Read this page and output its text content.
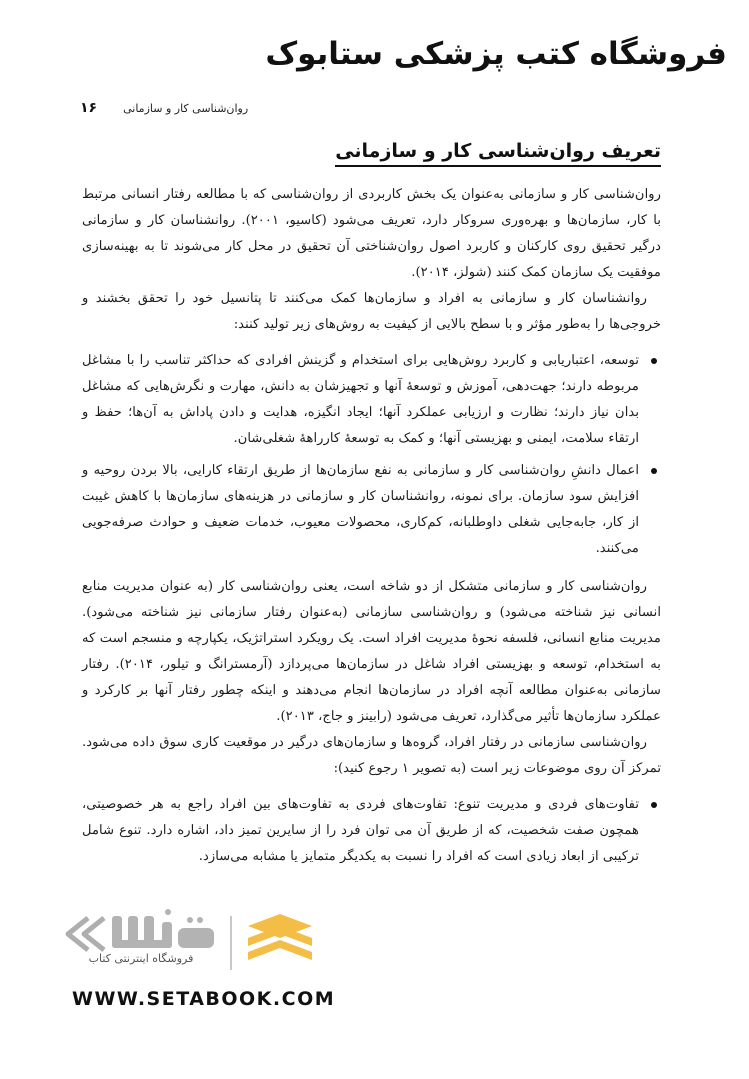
فروشگاه کتب پزشکی ستابوک
۱۶ روان‌شناسی کار و سازمانی
تعریف روان‌شناسی کار و سازمانی

روان‌شناسی کار و سازمانی به‌عنوان یک بخش کاربردی از روان‌شناسی که با مطالعه رفتار انسانی مرتبط با کار، سازمان‌ها و بهره‌وری سروکار دارد، تعریف می‌شود (کاسیو، ۲۰۰۱). روانشناسان کار و سازمانی درگیر تحقیق روی کارکنان و کاربرد اصول روان‌شناختی آن تحقیق در محل کار می‌شوند تا به بهینه‌سازی موفقیت یک سازمان کمک کنند (شولز، ۲۰۱۴).

روانشناسان کار و سازمانی به افراد و سازمان‌ها کمک می‌کنند تا پتانسیل خود را تحقق بخشند و خروجی‌ها را به‌طور مؤثر و با سطح بالایی از کیفیت به روش‌های زیر تولید کنند:

توسعه، اعتباریابی و کاربرد روش‌هایی برای استخدام و گزینش افرادی که حداکثر تناسب را با مشاغل مربوطه دارند؛ جهت‌دهی، آموزش و توسعهٔ آنها و تجهیزشان به دانش، مهارت و نگرش‌هایی که مشاغل بدان نیاز دارند؛ نظارت و ارزیابی عملکرد آنها؛ ایجاد انگیزه، هدایت و دادن پاداش به آن‌ها؛ حفظ و ارتقاء سلامت، ایمنی و بهزیستی آنها؛ و کمک به توسعهٔ کارراههٔ شغلی‌شان.
اعمال دانشِ روان‌شناسی کار و سازمانی به نفع سازمان‌ها از طریق ارتقاء کارایی، بالا بردن روحیه و افزایش سود سازمان. برای نمونه، روانشناسان کار و سازمانی در هزینه‌های سازمان‌ها با کاهش غیبت از کار، جابه‌جایی شغلی داوطلبانه، کم‌کاری، محصولات معیوب، خدمات ضعیف و حوادث صرفه‌جویی می‌کنند.

روان‌شناسی کار و سازمانی متشکل از دو شاخه است، یعنی روان‌شناسی کار (به عنوان مدیریت منابع انسانی نیز شناخته می‌شود) و روان‌شناسی سازمانی (به‌عنوان رفتار سازمانی نیز شناخته می‌شود). مدیریت منابع انسانی، فلسفه نحوهٔ مدیریت افراد است. یک رویکرد استراتژیک، یکپارچه و منسجم است که به استخدام، توسعه و بهزیستی افراد شاغل در سازمان‌ها می‌پردازد (آرمسترانگ و تیلور، ۲۰۱۴). رفتار سازمانی به‌عنوان مطالعه آنچه افراد در سازمان‌ها انجام می‌دهند و اینکه چطور رفتار آنها بر کارکرد و عملکرد سازمان‌ها تأثیر می‌گذارد، تعریف می‌شود (رابینز و جاج، ۲۰۱۳).

روان‌شناسی سازمانی در رفتار افراد، گروه‌ها و سازمان‌های درگیر در موقعیت کاری سوق داده می‌شود. تمرکز آن روی موضوعات زیر است (به تصویر ۱ رجوع کنید):

تفاوت‌های فردی و مدیریت تنوع: تفاوت‌های فردی به تفاوت‌های بین افراد راجع به هر خصوصیتی، همچون صفت شخصیت، که از طریق آن می توان فرد را از سایرین تمیز داد، اشاره دارد. تنوع شامل ترکیبی از ابعاد زیادی است که افراد را نسبت به یکدیگر متمایز یا مشابه می‌سازد.
فروشگاه اینترنتی کتاب

WWW.SETABOOK.COM
